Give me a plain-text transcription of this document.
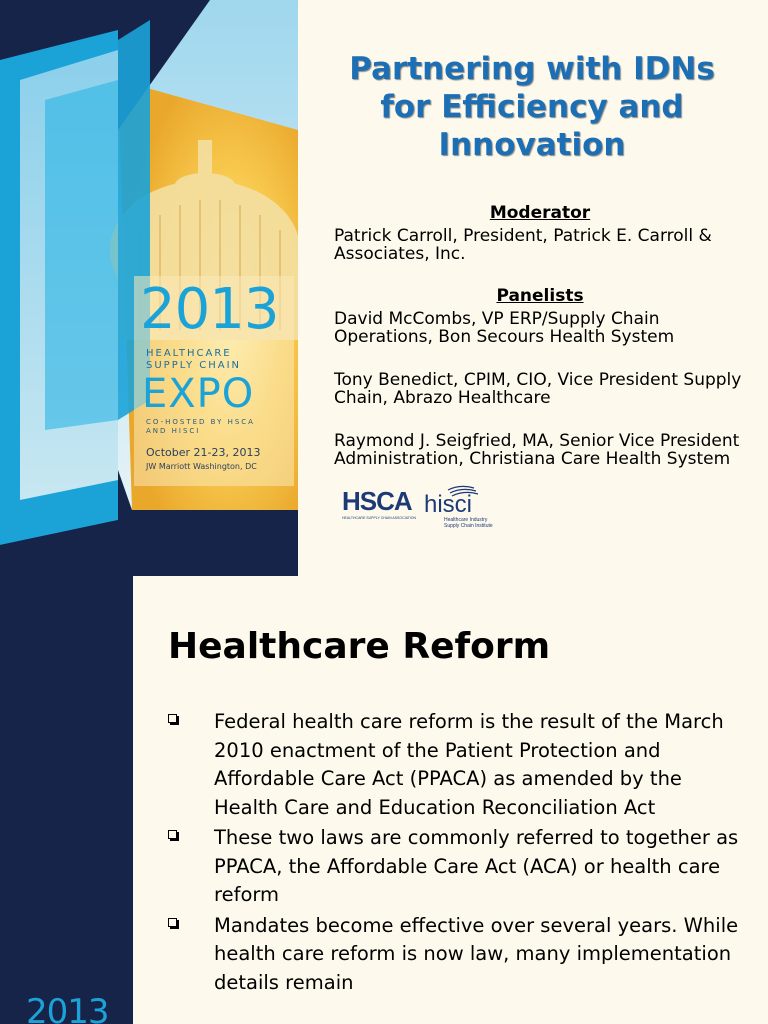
2013
HEALTHCARE SUPPLY CHAIN
EXPO
CO-HOSTED BY HSCA AND HISCI
October 21-23, 2013
JW Marriott Washington, DC
Partnering with IDNs
for Efficiency and
Innovation
Moderator
Patrick Carroll, President, Patrick E. Carroll & Associates, Inc.
Panelists
David McCombs, VP ERP/Supply Chain Operations, Bon Secours Health System
Tony Benedict, CPIM, CIO, Vice President Supply Chain, Abrazo Healthcare
Raymond J. Seigfried, MA, Senior Vice President Administration, Christiana Care Health System
HSCA
HEALTHCARE SUPPLY CHAIN ASSOCIATION hisci
Healthcare Industry
Supply Chain Institute
2013
Healthcare Reform
Federal health care reform is the result of the March 2010 enactment of the Patient Protection and Affordable Care Act (PPACA) as amended by the Health Care and Education Reconciliation Act
These two laws are commonly referred to together as PPACA, the Affordable Care Act (ACA) or health care reform
Mandates become effective over several years. While health care reform is now law, many implementation details remain
